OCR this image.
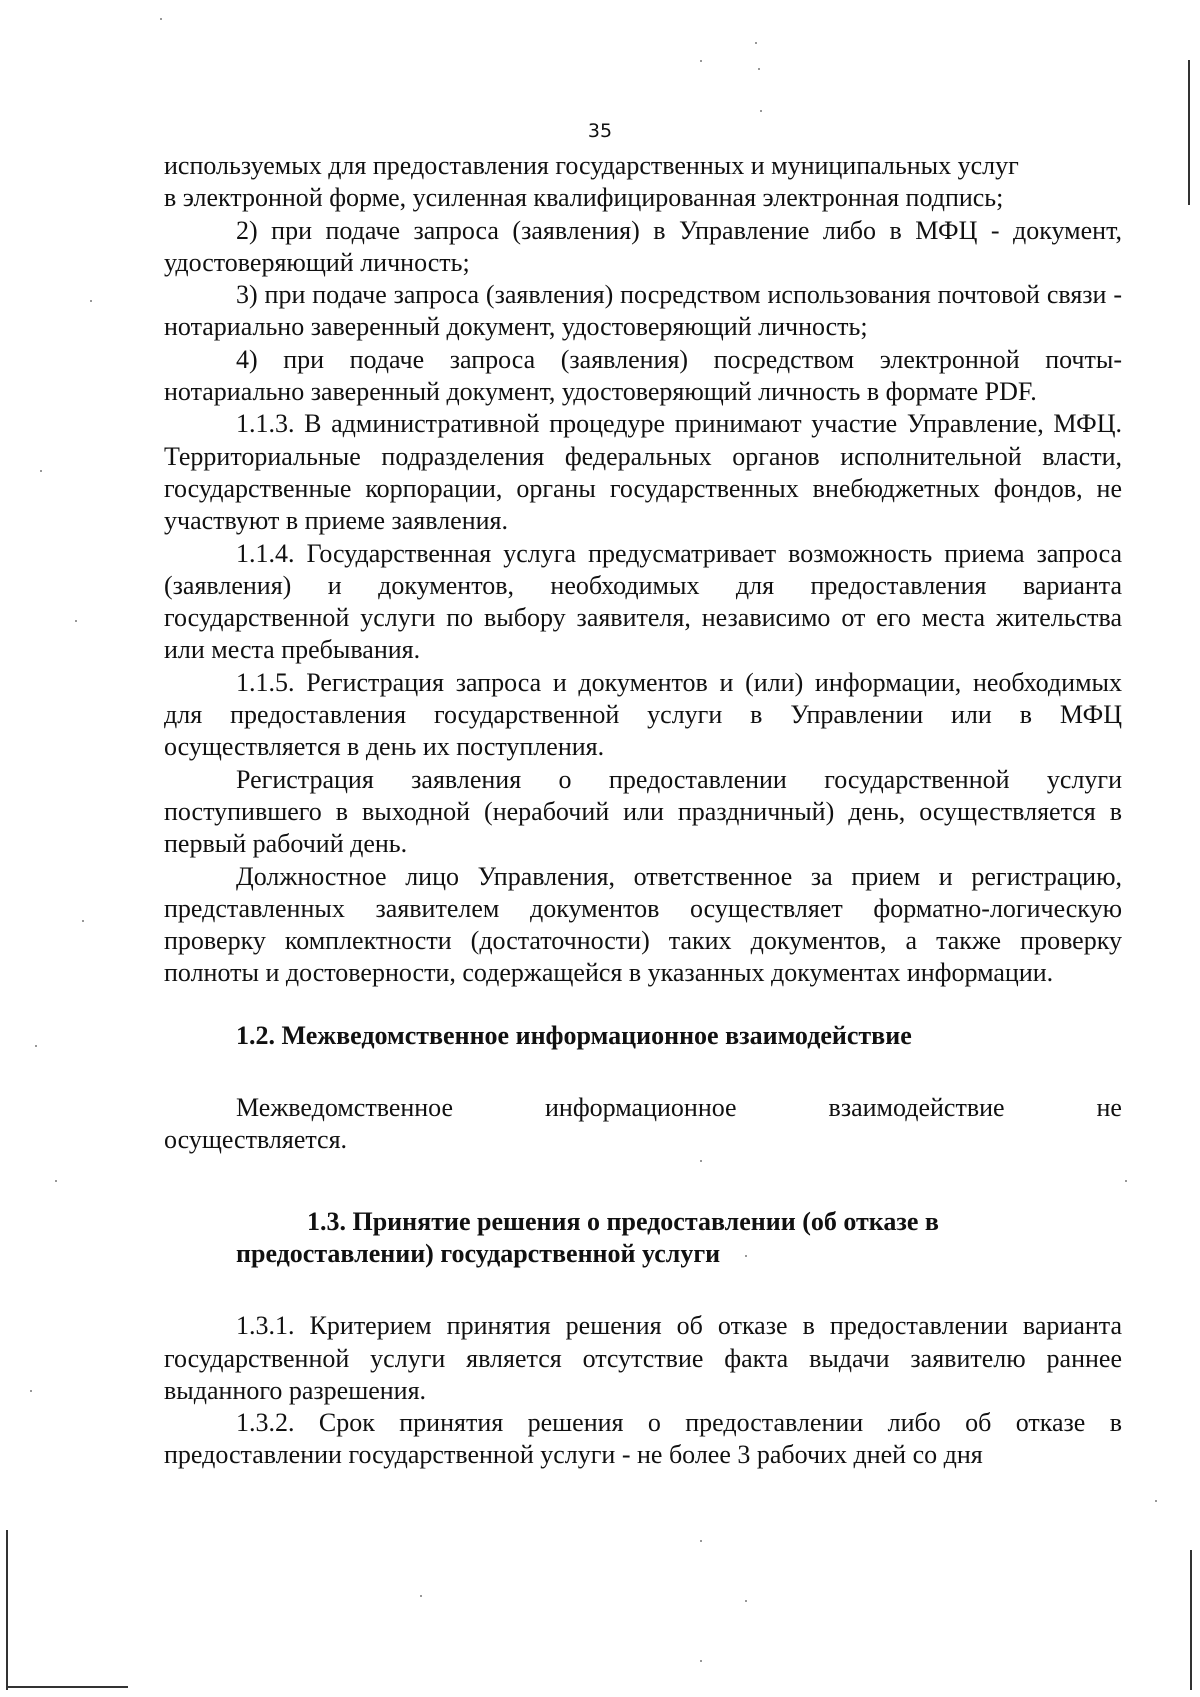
35

используемых для предоставления государственных и муниципальных услуг
в электронной форме, усиленная квалифицированная электронная подпись;

2) при подаче запроса (заявления) в Управление либо в МФЦ - документ, удостоверяющий личность;

3) при подаче запроса (заявления) посредством использования почтовой связи - нотариально заверенный документ, удостоверяющий личность;

4) при подаче запроса (заявления) посредством электронной почты-нотариально заверенный документ, удостоверяющий личность в формате PDF.

1.1.3. В административной процедуре принимают участие Управление, МФЦ. Территориальные подразделения федеральных органов исполнительной власти, государственные корпорации, органы государственных внебюджетных фондов, не участвуют в приеме заявления.

1.1.4. Государственная услуга предусматривает возможность приема запроса (заявления) и документов, необходимых для предоставления варианта государственной услуги по выбору заявителя, независимо от его места жительства или места пребывания.

1.1.5. Регистрация запроса и документов и (или) информации, необходимых для предоставления государственной услуги в Управлении или в МФЦ осуществляется в день их поступления.

Регистрация заявления о предоставлении государственной услуги поступившего в выходной (нерабочий или праздничный) день, осуществляется в первый рабочий день.

Должностное лицо Управления, ответственное за прием и регистрацию, представленных заявителем документов осуществляет форматно-логическую проверку комплектности (достаточности) таких документов, а также проверку полноты и достоверности, содержащейся в указанных документах информации.

1.2. Межведомственное информационное взаимодействие

Межведомственное	информационное	взаимодействие	не

осуществляется.

1.3. Принятие решения о предоставлении (об отказе в
предоставлении) государственной услуги

1.3.1. Критерием принятия решения об отказе в предоставлении варианта государственной услуги является отсутствие факта выдачи заявителю раннее выданного разрешения.

1.3.2. Срок принятия решения о предоставлении либо об отказе в предоставлении государственной услуги - не более 3 рабочих дней со дня
